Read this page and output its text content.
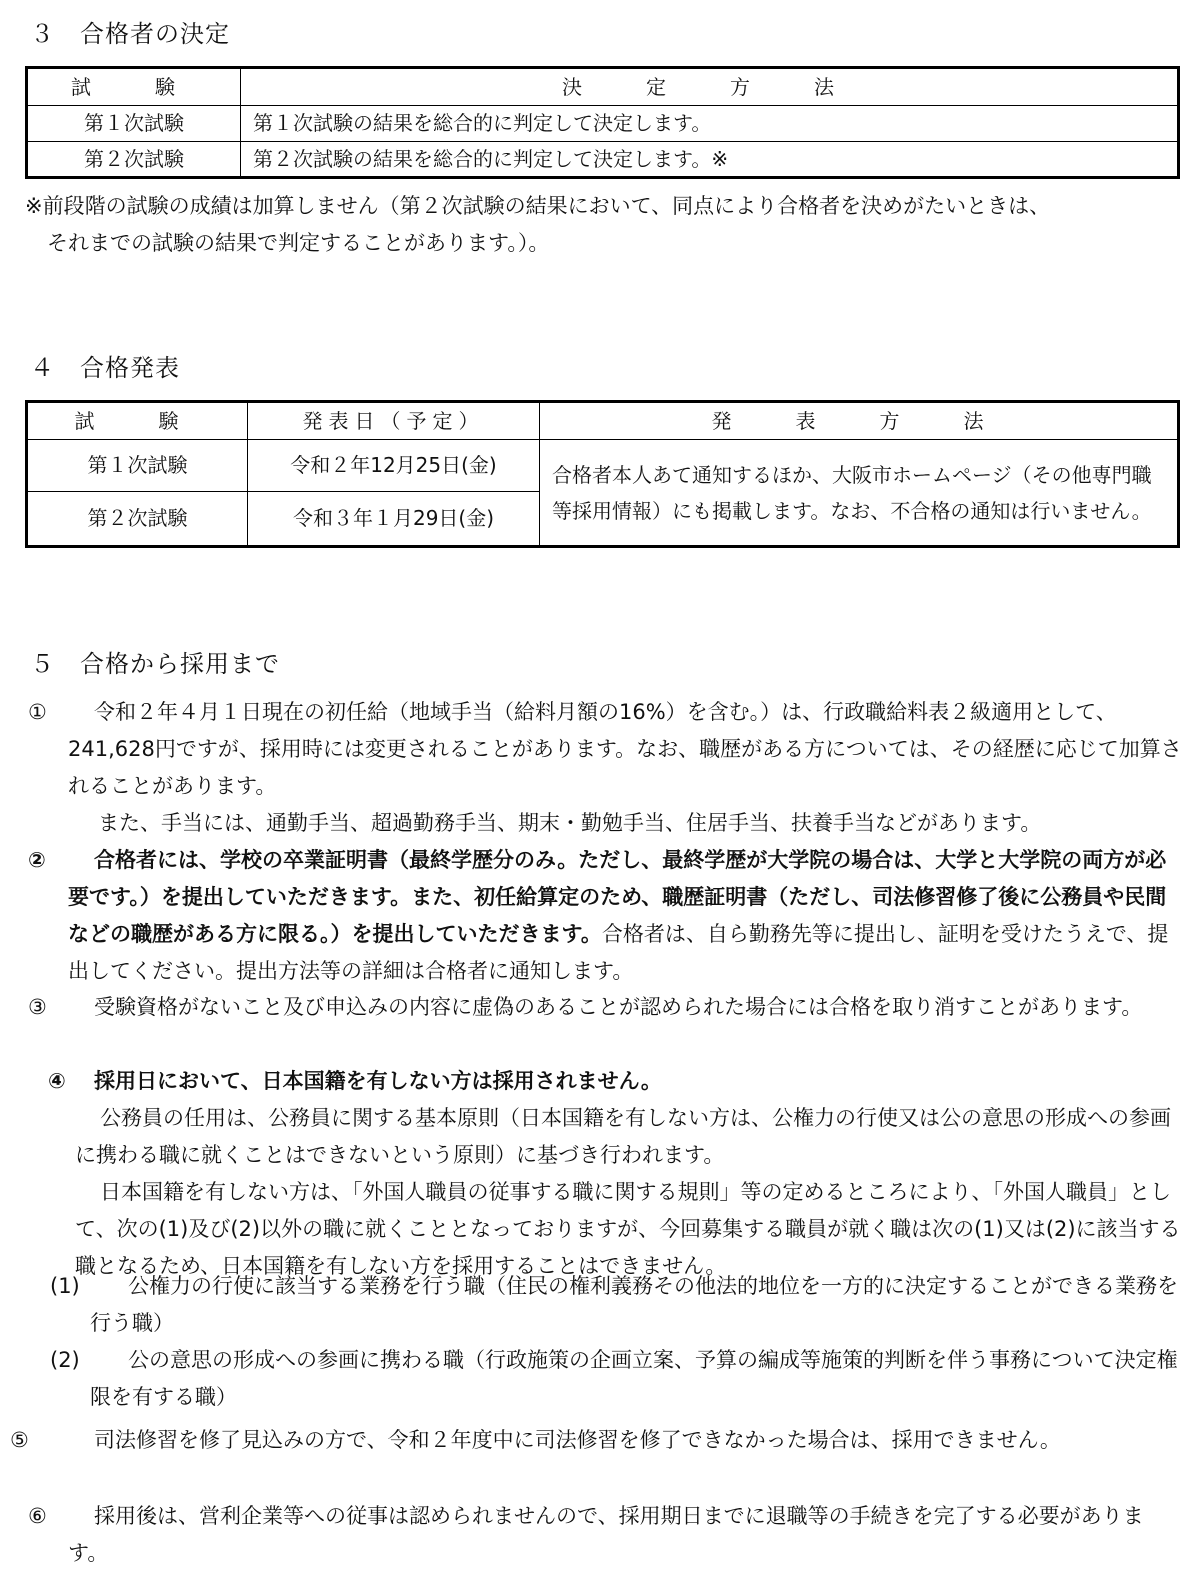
３ 合格者の決定
試　験	決　定　方　法
第１次試験	第１次試験の結果を総合的に判定して決定します。
第２次試験	第２次試験の結果を総合的に判定して決定します。※
※前段階の試験の成績は加算しません（第２次試験の結果において、同点により合格者を決めがたいときは、
それまでの試験の結果で判定することがあります。）。
４ 合格発表
試　験	発表日（予定）	発　表　方　法
第１次試験	令和２年12月25日(金)	合格者本人あて通知するほか、大阪市ホームページ（その他専門職等採用情報）にも掲載します。なお、不合格の通知は行いません。
第２次試験	令和３年１月29日(金)	
５ 合格から採用まで
① 令和２年４月１日現在の初任給（地域手当（給料月額の16%）を含む。）は、行政職給料表２級適用として、241,628円ですが、採用時には変更されることがあります。なお、職歴がある方については、その経歴に応じて加算されることがあります。
また、手当には、通勤手当、超過勤務手当、期末・勤勉手当、住居手当、扶養手当などがあります。
② 合格者には、学校の卒業証明書（最終学歴分のみ。ただし、最終学歴が大学院の場合は、大学と大学院の両方が必要です。）を提出していただきます。また、初任給算定のため、職歴証明書（ただし、司法修習修了後に公務員や民間などの職歴がある方に限る。）を提出していただきます。合格者は、自ら勤務先等に提出し、証明を受けたうえで、提出してください。提出方法等の詳細は合格者に通知します。
③ 受験資格がないこと及び申込みの内容に虚偽のあることが認められた場合には合格を取り消すことがあります。
④ 採用日において、日本国籍を有しない方は採用されません。
公務員の任用は、公務員に関する基本原則（日本国籍を有しない方は、公権力の行使又は公の意思の形成への参画に携わる職に就くことはできないという原則）に基づき行われます。
日本国籍を有しない方は、「外国人職員の従事する職に関する規則」等の定めるところにより、「外国人職員」として、次の(1)及び(2)以外の職に就くこととなっておりますが、今回募集する職員が就く職は次の(1)又は(2)に該当する職となるため、日本国籍を有しない方を採用することはできません。
(1) 公権力の行使に該当する業務を行う職（住民の権利義務その他法的地位を一方的に決定することができる業務を行う職）
(2) 公の意思の形成への参画に携わる職（行政施策の企画立案、予算の編成等施策的判断を伴う事務について決定権限を有する職）
⑤	司法修習を修了見込みの方で、令和２年度中に司法修習を修了できなかった場合は、採用できません。
⑥ 採用後は、営利企業等への従事は認められませんので、採用期日までに退職等の手続きを完了する必要があります。
